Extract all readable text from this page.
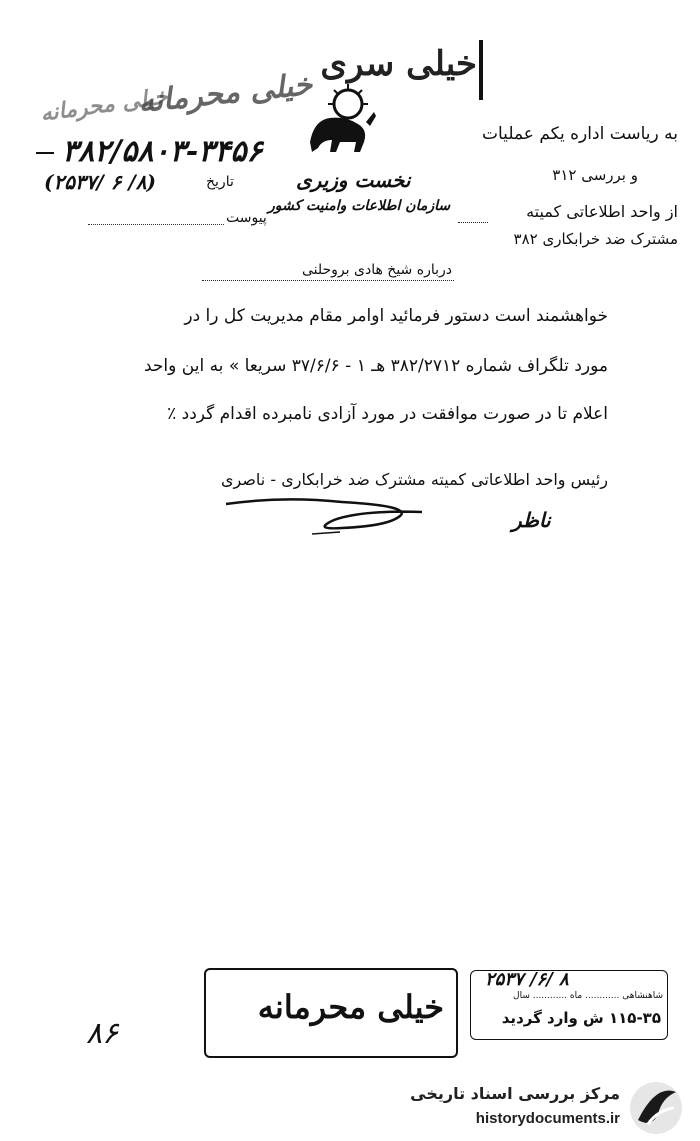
خیلی سری
خیلی محرمانه
خیلی محرمانه
نخست وزیری
سازمان اطلاعات وامنیت کشور
۳۸۲/۵۸۰۳-۳۴۵۶
(۲۵۳۷/ ۶ /۸)	تاریخ
پیوست
به ریاست اداره یکم عملیات
و بررسی ۳۱۲
از واحد اطلاعاتی کمیته
مشترک ضد خرابکاری ۳۸۲
درباره شیخ هادی بروحلنی
خواهشمند است دستور فرمائید اوامر مقام مدیریت کل را در
مورد تلگراف شماره ۳۸۲/۲۷۱۲ هـ ۱ - ۳۷/۶/۶ سریعا » به این واحد
اعلام تا در صورت موافقت در مورد آزادی نامبرده اقدام گردد ٪
رئیس واحد اطلاعاتی کمیته مشترک ضد خرابکاری - ناصری
ناظر
۸۶
خیلی محرمانه
۲۵۳۷ /۶/ ۸
شاهنشاهی ............ ماه ............ سال
۱۱۵-۳۵ ش وارد گردید
مرکز بررسی اسناد تاریخی
historydocuments.ir
